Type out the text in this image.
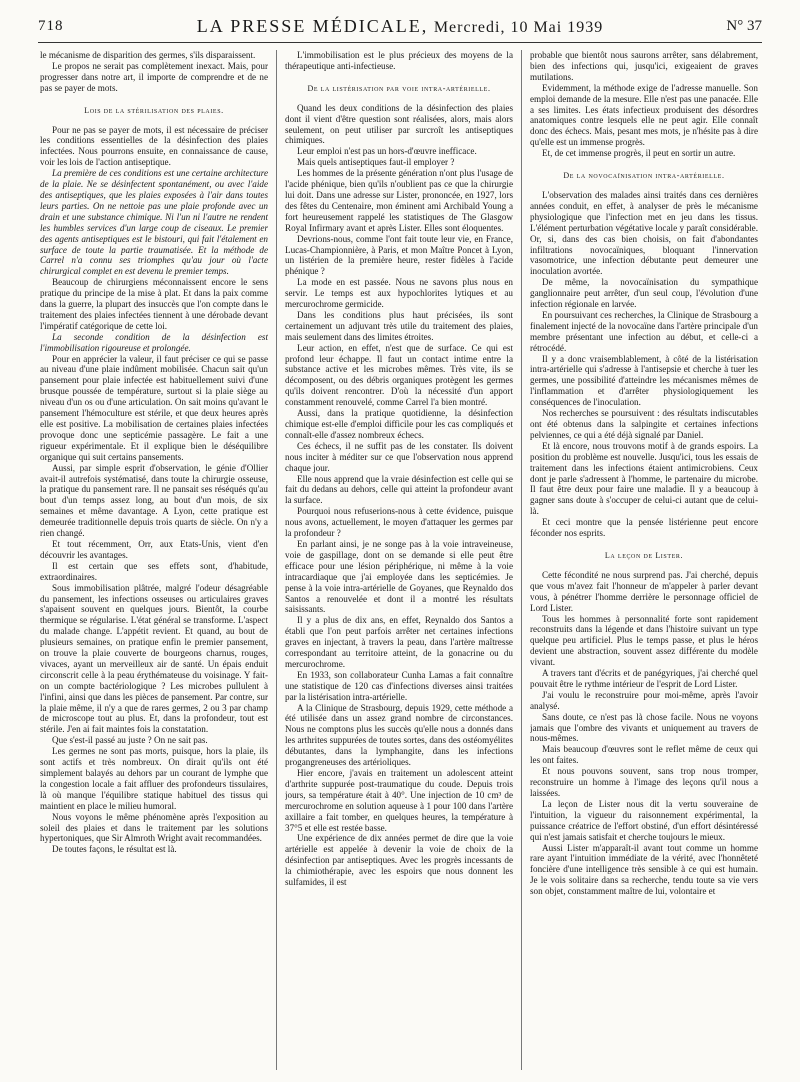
718	LA PRESSE MÉDICALE, Mercredi, 10 Mai 1939	N° 37

le mécanisme de disparition des germes, s'ils disparaissent.

Le propos ne serait pas complètement inexact. Mais, pour progresser dans notre art, il importe de comprendre et de ne pas se payer de mots.

Lois de la stérilisation des plaies.

Pour ne pas se payer de mots, il est nécessaire de préciser les conditions essentielles de la désinfection des plaies infectées. Nous pourrons ensuite, en connaissance de cause, voir les lois de l'action antiseptique.

La première de ces conditions est une certaine architecture de la plaie. Ne se désinfectent spontanément, ou avec l'aide des antiseptiques, que les plaies exposées à l'air dans toutes leurs parties. On ne nettoie pas une plaie profonde avec un drain et une substance chimique. Ni l'un ni l'autre ne rendent les humbles services d'un large coup de ciseaux. Le premier des agents antiseptiques est le bistouri, qui fait l'étalement en surface de toute la partie traumatisée. Et la méthode de Carrel n'a connu ses triomphes qu'au jour où l'acte chirurgical complet en est devenu le premier temps.

Beaucoup de chirurgiens méconnaissent encore le sens pratique du principe de la mise à plat. Et dans la paix comme dans la guerre, la plupart des insuccès que l'on compte dans le traitement des plaies infectées tiennent à une dérobade devant l'impératif catégorique de cette loi.

La seconde condition de la désinfection est l'immobilisation rigoureuse et prolongée.

Pour en apprécier la valeur, il faut préciser ce qui se passe au niveau d'une plaie indûment mobilisée. Chacun sait qu'un pansement pour plaie infectée est habituellement suivi d'une brusque poussée de température, surtout si la plaie siège au niveau d'un os ou d'une articulation. On sait moins qu'avant le pansement l'hémoculture est stérile, et que deux heures après elle est positive. La mobilisation de certaines plaies infectées provoque donc une septicémie passagère. Le fait a une rigueur expérimentale. Et il explique bien le déséquilibre organique qui suit certains pansements.

Aussi, par simple esprit d'observation, le génie d'Ollier avait-il autrefois systématisé, dans toute la chirurgie osseuse, la pratique du pansement rare. Il ne pansait ses réséqués qu'au bout d'un temps assez long, au bout d'un mois, de six semaines et même davantage. A Lyon, cette pratique est demeurée traditionnelle depuis trois quarts de siècle. On n'y a rien changé.

Et tout récemment, Orr, aux Etats-Unis, vient d'en découvrir les avantages.

Il est certain que ses effets sont, d'habitude, extraordinaires.

Sous immobilisation plâtrée, malgré l'odeur désagréable du pansement, les infections osseuses ou articulaires graves s'apaisent souvent en quelques jours. Bientôt, la courbe thermique se régularise. L'état général se transforme. L'aspect du malade change. L'appétit revient. Et quand, au bout de plusieurs semaines, on pratique enfin le premier pansement, on trouve la plaie couverte de bourgeons charnus, rouges, vivaces, ayant un merveilleux air de santé. Un épais enduit circonscrit celle à la peau érythémateuse du voisinage. Y fait-on un compte bactériologique ? Les microbes pullulent à l'infini, ainsi que dans les pièces de pansement. Par contre, sur la plaie même, il n'y a que de rares germes, 2 ou 3 par champ de microscope tout au plus. Et, dans la profondeur, tout est stérile. J'en ai fait maintes fois la constatation.

Que s'est-il passé au juste ? On ne sait pas.

Les germes ne sont pas morts, puisque, hors la plaie, ils sont actifs et très nombreux. On dirait qu'ils ont été simplement balayés au dehors par un courant de lymphe que la congestion locale a fait affluer des profondeurs tissulaires, là où manque l'équilibre statique habituel des tissus qui maintient en place le milieu humoral.

Nous voyons le même phénomène après l'exposition au soleil des plaies et dans le traitement par les solutions hypertoniques, que Sir Almroth Wright avait recommandées.

De toutes façons, le résultat est là.

L'immobilisation est le plus précieux des moyens de la thérapeutique anti-infectieuse.

De la listérisation par voie intra-artérielle.

Quand les deux conditions de la désinfection des plaies dont il vient d'être question sont réalisées, alors, mais alors seulement, on peut utiliser par surcroît les antiseptiques chimiques.

Leur emploi n'est pas un hors-d'œuvre inefficace.

Mais quels antiseptiques faut-il employer ?

Les hommes de la présente génération n'ont plus l'usage de l'acide phénique, bien qu'ils n'oublient pas ce que la chirurgie lui doit. Dans une adresse sur Lister, prononcée, en 1927, lors des fêtes du Centenaire, mon éminent ami Archibald Young a fort heureusement rappelé les statistiques de The Glasgow Royal Infirmary avant et après Lister. Elles sont éloquentes.

Devrions-nous, comme l'ont fait toute leur vie, en France, Lucas-Championnière, à Paris, et mon Maître Poncet à Lyon, un listérien de la première heure, rester fidèles à l'acide phénique ?

La mode en est passée. Nous ne savons plus nous en servir. Le temps est aux hypochlorites lytiques et au mercurochrome germicide.

Dans les conditions plus haut précisées, ils sont certainement un adjuvant très utile du traitement des plaies, mais seulement dans des limites étroites.

Leur action, en effet, n'est que de surface. Ce qui est profond leur échappe. Il faut un contact intime entre la substance active et les microbes mêmes. Très vite, ils se décomposent, ou des débris organiques protègent les germes qu'ils doivent rencontrer. D'où la nécessité d'un apport constamment renouvelé, comme Carrel l'a bien montré.

Aussi, dans la pratique quotidienne, la désinfection chimique est-elle d'emploi difficile pour les cas compliqués et connaît-elle d'assez nombreux échecs.

Ces échecs, il ne suffit pas de les constater. Ils doivent nous inciter à méditer sur ce que l'observation nous apprend chaque jour.

Elle nous apprend que la vraie désinfection est celle qui se fait du dedans au dehors, celle qui atteint la profondeur avant la surface.

Pourquoi nous refuserions-nous à cette évidence, puisque nous avons, actuellement, le moyen d'attaquer les germes par la profondeur ?

En parlant ainsi, je ne songe pas à la voie intraveineuse, voie de gaspillage, dont on se demande si elle peut être efficace pour une lésion périphérique, ni même à la voie intracardiaque que j'ai employée dans les septicémies. Je pense à la voie intra-artérielle de Goyanes, que Reynaldo dos Santos a renouvelée et dont il a montré les résultats saisissants.

Il y a plus de dix ans, en effet, Reynaldo dos Santos a établi que l'on peut parfois arrêter net certaines infections graves en injectant, à travers la peau, dans l'artère maîtresse correspondant au territoire atteint, de la gonacrine ou du mercurochrome.

En 1933, son collaborateur Cunha Lamas a fait connaître une statistique de 120 cas d'infections diverses ainsi traitées par la listérisation intra-artérielle.

A la Clinique de Strasbourg, depuis 1929, cette méthode a été utilisée dans un assez grand nombre de circonstances. Nous ne comptons plus les succès qu'elle nous a donnés dans les arthrites suppurées de toutes sortes, dans des ostéomyélites débutantes, dans la lymphangite, dans les infections progangreneuses des artérioliques.

Hier encore, j'avais en traitement un adolescent atteint d'arthrite suppurée post-traumatique du coude. Depuis trois jours, sa température était à 40°. Une injection de 10 cm³ de mercurochrome en solution aqueuse à 1 pour 100 dans l'artère axillaire a fait tomber, en quelques heures, la température à 37°5 et elle est restée basse.

Une expérience de dix années permet de dire que la voie artérielle est appelée à devenir la voie de choix de la désinfection par antiseptiques. Avec les progrès incessants de la chimiothérapie, avec les espoirs que nous donnent les sulfamides, il est

probable que bientôt nous saurons arrêter, sans délabrement, bien des infections qui, jusqu'ici, exigeaient de graves mutilations.

Evidemment, la méthode exige de l'adresse manuelle. Son emploi demande de la mesure. Elle n'est pas une panacée. Elle a ses limites. Les états infectieux produisent des désordres anatomiques contre lesquels elle ne peut agir. Elle connaît donc des échecs. Mais, pesant mes mots, je n'hésite pas à dire qu'elle est un immense progrès.

Et, de cet immense progrès, il peut en sortir un autre.

De la novocaïnisation intra-artérielle.

L'observation des malades ainsi traités dans ces dernières années conduit, en effet, à analyser de près le mécanisme physiologique que l'infection met en jeu dans les tissus. L'élément perturbation végétative locale y paraît considérable. Or, si, dans des cas bien choisis, on fait d'abondantes infiltrations novocaïniques, bloquant l'innervation vasomotrice, une infection débutante peut demeurer une inoculation avortée.

De même, la novocaïnisation du sympathique ganglionnaire peut arrêter, d'un seul coup, l'évolution d'une infection régionale en larvée.

En poursuivant ces recherches, la Clinique de Strasbourg a finalement injecté de la novocaïne dans l'artère principale d'un membre présentant une infection au début, et celle-ci a rétrocédé.

Il y a donc vraisemblablement, à côté de la listérisation intra-artérielle qui s'adresse à l'antisepsie et cherche à tuer les germes, une possibilité d'atteindre les mécanismes mêmes de l'inflammation et d'arrêter physiologiquement les conséquences de l'inoculation.

Nos recherches se poursuivent : des résultats indiscutables ont été obtenus dans la salpingite et certaines infections pelviennes, ce qui a été déjà signalé par Daniel.

Et là encore, nous trouvons motif à de grands espoirs. La position du problème est nouvelle. Jusqu'ici, tous les essais de traitement dans les infections étaient antimicrobiens. Ceux dont je parle s'adressent à l'homme, le partenaire du microbe. Il faut être deux pour faire une maladie. Il y a beaucoup à gagner sans doute à s'occuper de celui-ci autant que de celui-là.

Et ceci montre que la pensée listérienne peut encore féconder nos esprits.

La leçon de Lister.

Cette fécondité ne nous surprend pas. J'ai cherché, depuis que vous m'avez fait l'honneur de m'appeler à parler devant vous, à pénétrer l'homme derrière le personnage officiel de Lord Lister.

Tous les hommes à personnalité forte sont rapidement reconstruits dans la légende et dans l'histoire suivant un type quelque peu artificiel. Plus le temps passe, et plus le héros devient une abstraction, souvent assez différente du modèle vivant.

A travers tant d'écrits et de panégyriques, j'ai cherché quel pouvait être le rythme intérieur de l'esprit de Lord Lister.

J'ai voulu le reconstruire pour moi-même, après l'avoir analysé.

Sans doute, ce n'est pas là chose facile. Nous ne voyons jamais que l'ombre des vivants et uniquement au travers de nous-mêmes.

Mais beaucoup d'œuvres sont le reflet même de ceux qui les ont faites.

Et nous pouvons souvent, sans trop nous tromper, reconstruire un homme à l'image des leçons qu'il nous a laissées.

La leçon de Lister nous dit la vertu souveraine de l'intuition, la vigueur du raisonnement expérimental, la puissance créatrice de l'effort obstiné, d'un effort désintéressé qui n'est jamais satisfait et cherche toujours le mieux.

Aussi Lister m'apparaît-il avant tout comme un homme rare ayant l'intuition immédiate de la vérité, avec l'honnêteté foncière d'une intelligence très sensible à ce qui est humain. Je le vois solitaire dans sa recherche, tendu toute sa vie vers son objet, constamment maître de lui, volontaire et
